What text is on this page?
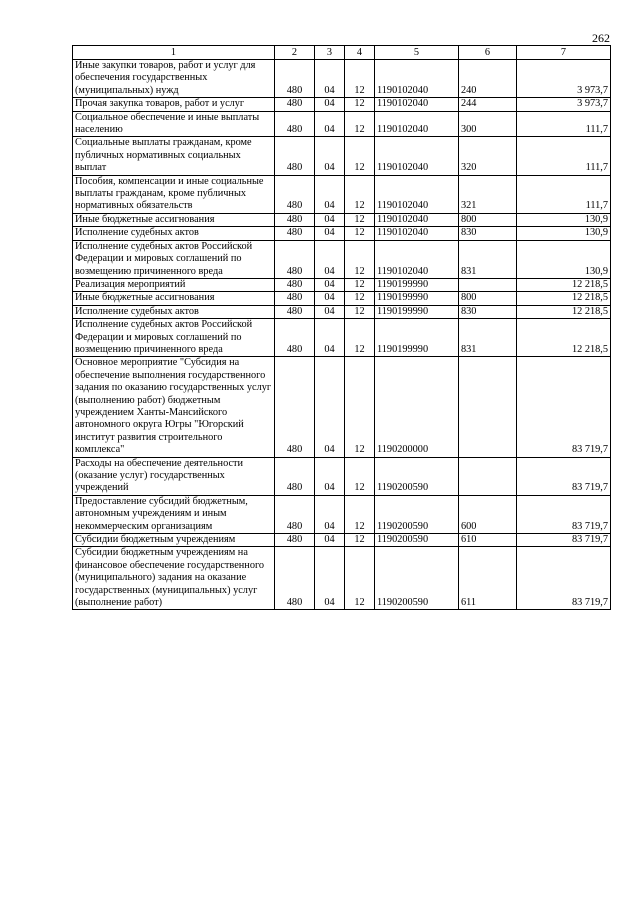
262
1	2	3	4	5	6	7
Иные закупки товаров, работ и услуг для обеспечения государственных (муниципальных) нужд	480	04	12	1190102040	240	3 973,7
Прочая закупка товаров, работ и услуг	480	04	12	1190102040	244	3 973,7
Социальное обеспечение и иные выплаты населению	480	04	12	1190102040	300	111,7
Социальные выплаты гражданам, кроме публичных нормативных социальных выплат	480	04	12	1190102040	320	111,7
Пособия, компенсации и иные социальные выплаты гражданам, кроме публичных нормативных обязательств	480	04	12	1190102040	321	111,7
Иные бюджетные ассигнования	480	04	12	1190102040	800	130,9
Исполнение судебных актов	480	04	12	1190102040	830	130,9
Исполнение судебных актов Российской Федерации и мировых соглашений по возмещению причиненного вреда	480	04	12	1190102040	831	130,9
Реализация мероприятий	480	04	12	1190199990		12 218,5
Иные бюджетные ассигнования	480	04	12	1190199990	800	12 218,5
Исполнение судебных актов	480	04	12	1190199990	830	12 218,5
Исполнение судебных актов Российской Федерации и мировых соглашений по возмещению причиненного вреда	480	04	12	1190199990	831	12 218,5
Основное мероприятие "Субсидия на обеспечение выполнения государственного задания по оказанию государственных услуг (выполнению работ) бюджетным учреждением Ханты-Мансийского автономного округа Югры "Югорский институт развития строительного комплекса"	480	04	12	1190200000		83 719,7
Расходы на обеспечение деятельности (оказание услуг) государственных учреждений	480	04	12	1190200590		83 719,7
Предоставление субсидий бюджетным, автономным учреждениям и иным некоммерческим организациям	480	04	12	1190200590	600	83 719,7
Субсидии бюджетным учреждениям	480	04	12	1190200590	610	83 719,7
Субсидии бюджетным учреждениям на финансовое обеспечение государственного (муниципального) задания на оказание государственных (муниципальных) услуг (выполнение работ)	480	04	12	1190200590	611	83 719,7
